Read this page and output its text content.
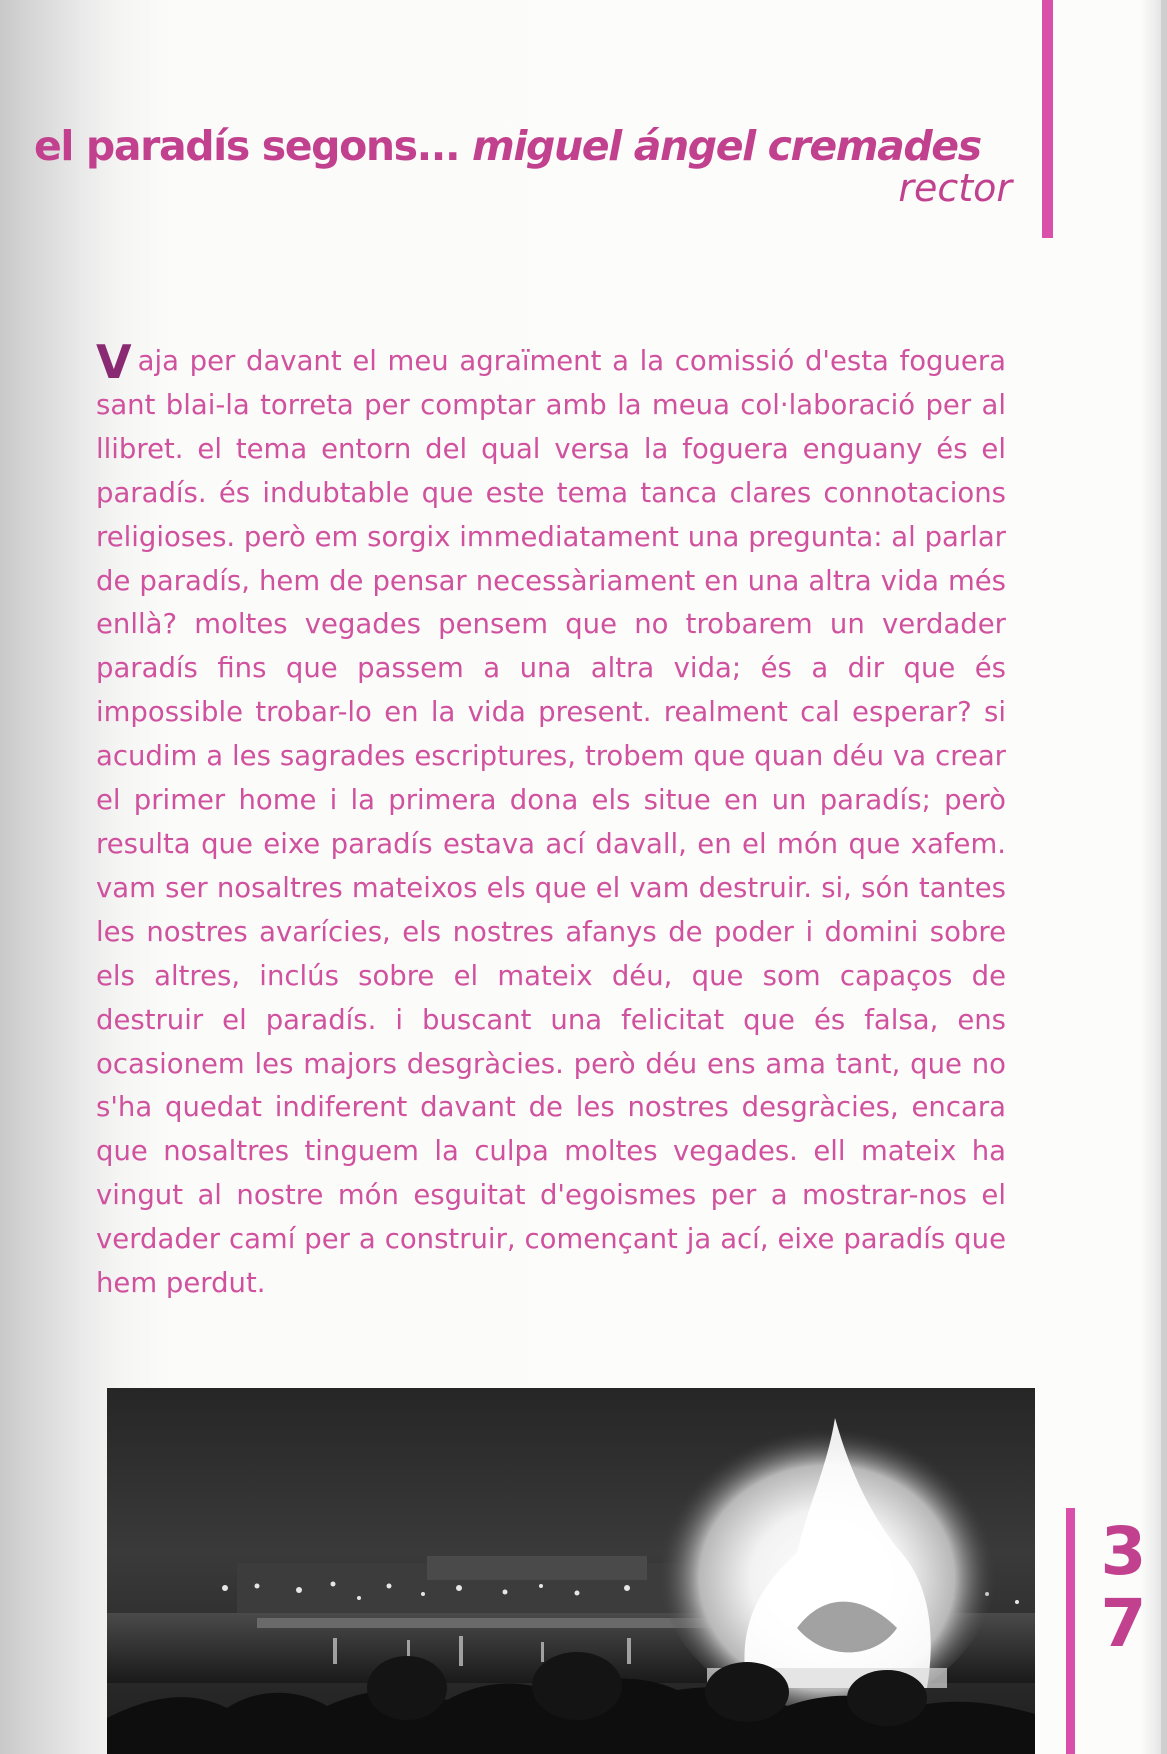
el paradís segons... miguel ángel cremades
rector

Vaja per davant el meu agraïment a la comissió d'esta foguera sant blai-la torreta per comptar amb la meua col·laboració per al llibret. el tema entorn del qual versa la foguera enguany és el paradís. és indubtable que este tema tanca clares connotacions religioses. però em sorgix immediatament una pregunta: al parlar de paradís, hem de pensar necessàriament en una altra vida més enllà? moltes vegades pensem que no trobarem un verdader paradís fins que passem a una altra vida; és a dir que és impossible trobar-lo en la vida present. realment cal esperar? si acudim a les sagrades escriptures, trobem que quan déu va crear el primer home i la primera dona els situe en un paradís; però resulta que eixe paradís estava ací davall, en el món que xafem. vam ser nosaltres mateixos els que el vam destruir. si, són tantes les nostres avarícies, els nostres afanys de poder i domini sobre els altres, inclús sobre el mateix déu, que som capaços de destruir el paradís. i buscant una felicitat que és falsa, ens ocasionem les majors desgràcies. però déu ens ama tant, que no s'ha quedat indiferent davant de les nostres desgràcies, encara que nosaltres tinguem la culpa moltes vegades. ell mateix ha vingut al nostre món esguitat d'egoismes per a mostrar-nos el verdader camí per a construir, començant ja ací, eixe paradís que hem perdut.

3
7
